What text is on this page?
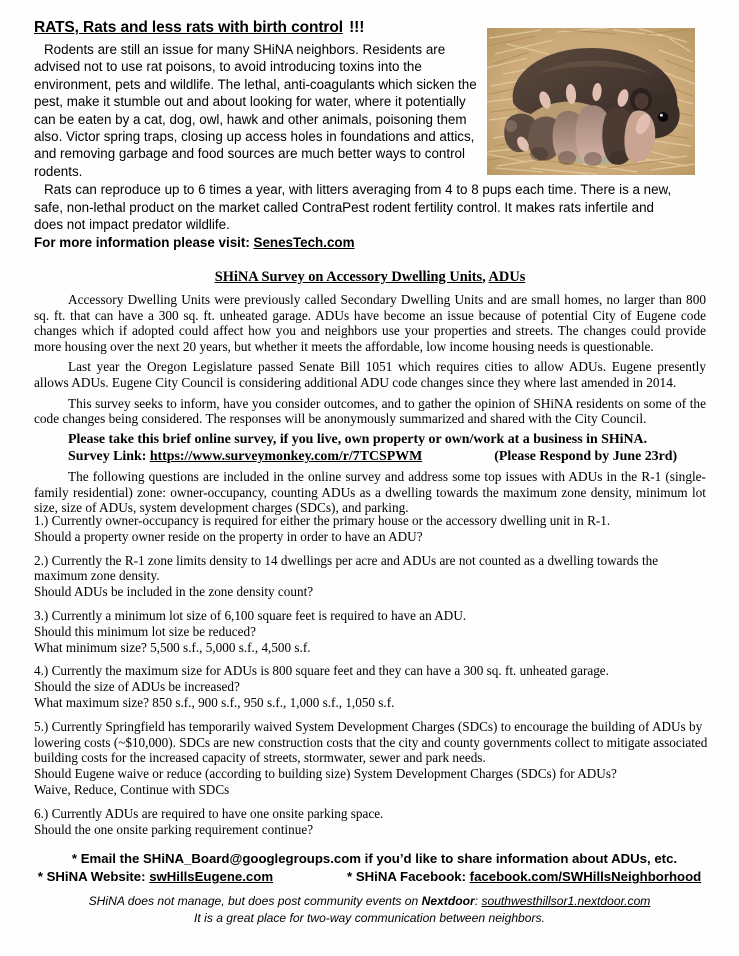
RATS, Rats and less rats with birth control !!!

Rodents are still an issue for many SHiNA neighbors. Residents are advised not to use rat poisons, to avoid introducing toxins into the environment, pets and wildlife. The lethal, anti-coagulants which sicken the pest, make it stumble out and about looking for water, where it potentially can be eaten by a cat, dog, owl, hawk and other animals, poisoning them also. Victor spring traps, closing up access holes in foundations and attics, and removing garbage and food sources are much better ways to control rodents.

Rats can reproduce up to 6 times a year, with litters averaging from 4 to 8 pups each time. There is a new, safe, non-lethal product on the market called ContraPest rodent fertility control. It makes rats infertile and does not impact predator wildlife.

For more information please visit: SenesTech.com
SHiNA Survey on Accessory Dwelling Units, ADUs

Accessory Dwelling Units were previously called Secondary Dwelling Units and are small homes, no larger than 800 sq. ft. that can have a 300 sq. ft. unheated garage. ADUs have become an issue because of potential City of Eugene code changes which if adopted could affect how you and neighbors use your properties and streets. The changes could provide more housing over the next 20 years, but whether it meets the affordable, low income housing needs is questionable.

Last year the Oregon Legislature passed Senate Bill 1051 which requires cities to allow ADUs. Eugene presently allows ADUs. Eugene City Council is considering additional ADU code changes since they where last amended in 2014.

This survey seeks to inform, have you consider outcomes, and to gather the opinion of SHiNA residents on some of the code changes being considered. The responses will be anonymously summarized and shared with the City Council.

Please take this brief online survey, if you live, own property or own/work at a business in SHiNA.

Survey Link: https://www.surveymonkey.com/r/7TCSPWM	(Please Respond by June 23rd)

The following questions are included in the online survey and address some top issues with ADUs in the R-1 (single-family residential) zone: owner-occupancy, counting ADUs as a dwelling towards the maximum zone density, minimum lot size, size of ADUs, system development charges (SDCs), and parking.

1.) Currently owner-occupancy is required for either the primary house or the accessory dwelling unit in R-1.
Should a property owner reside on the property in order to have an ADU?
2.) Currently the R-1 zone limits density to 14 dwellings per acre and ADUs are not counted as a dwelling towards the maximum zone density.
Should ADUs be included in the zone density count?
3.) Currently a minimum lot size of 6,100 square feet is required to have an ADU.
Should this minimum lot size be reduced?
What minimum size? 5,500 s.f., 5,000 s.f., 4,500 s.f.
4.) Currently the maximum size for ADUs is 800 square feet and they can have a 300 sq. ft. unheated garage.
Should the size of ADUs be increased?
What maximum size? 850 s.f., 900 s.f., 950 s.f., 1,000 s.f., 1,050 s.f.
5.) Currently Springfield has temporarily waived System Development Charges (SDCs) to encourage the building of ADUs by lowering costs (~$10,000). SDCs are new construction costs that the city and county governments collect to mitigate associated building costs for the increased capacity of streets, stormwater, sewer and park needs.
Should Eugene waive or reduce (according to building size) System Development Charges (SDCs) for ADUs?
Waive, Reduce, Continue with SDCs
6.) Currently ADUs are required to have one onsite parking space.
Should the one onsite parking requirement continue?
* Email the SHiNA_Board@googlegroups.com if you’d like to share information about ADUs, etc.
* SHiNA Website: swHillsEugene.com	* SHiNA Facebook: facebook.com/SWHillsNeighborhood
SHiNA does not manage, but does post community events on Nextdoor: southwesthillsor1.nextdoor.com
It is a great place for two-way communication between neighbors.
